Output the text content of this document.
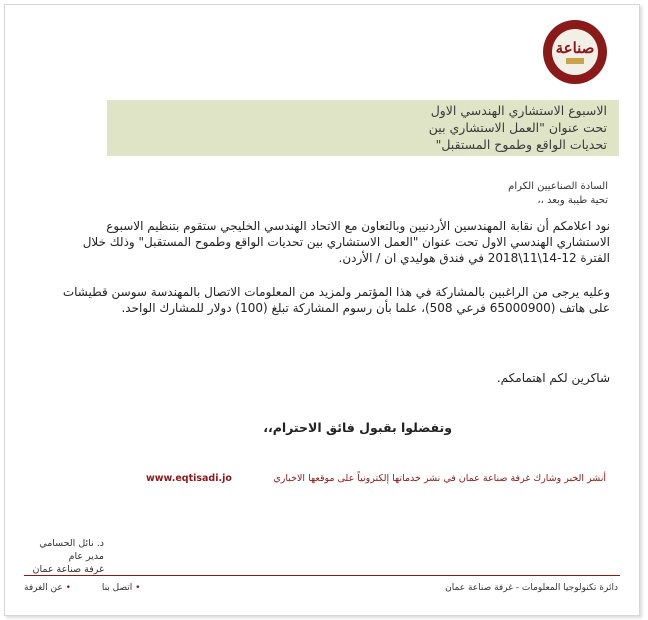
صناعة
الاسبوع الاستشاري الهندسي الاول
تحت عنوان "العمل الاستشاري بين
تحديات الواقع وطموح المستقبل"
السادة الصناعيين الكرام
تحية طيبة وبعد ،،
نود اعلامكم أن نقابة المهندسين الأردنيين وبالتعاون مع الاتحاد الهندسي الخليجي ستقوم بتنظيم الاسبوع الاستشاري الهندسي الاول تحت عنوان "العمل الاستشاري بين تحديات الواقع وطموح المستقبل" وذلك خلال الفترة 12-14\11\2018 في فندق هوليدي ان / الأردن.
وعليه يرجى من الراغبين بالمشاركة في هذا المؤتمر ولمزيد من المعلومات الاتصال بالمهندسة سوسن قطيشات على هاتف (65000900 فرعي 508)، علما بأن رسوم المشاركة تبلغ (100) دولار للمشارك الواحد.
شاكرين لكم اهتمامكم.
وتفضلوا بقبول فائق الاحترام،،
أنشر الخبر وشارك غرفة صناعة عمان في نشر خدماتها إلكترونياً على موقعها الاخباري
www.eqtisadi.jo
د. نائل الحسامي
مدير عام
غرفة صناعة عمان
• اتصل بنا • عن الغرفة	دائرة تكنولوجيا المعلومات - غرفة صناعة عمان
